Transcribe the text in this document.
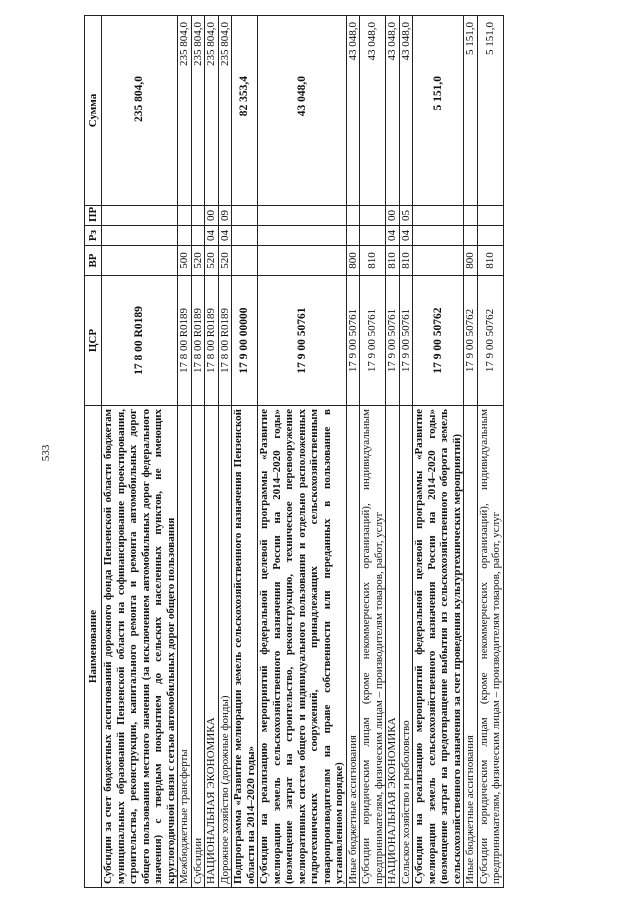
533
Наименование	ЦСР	ВР	Рз	ПР	Сумма
Субсидии за счет бюджетных ассигнований дорожного фонда Пензенской области бюджетам муниципальных образований Пензенской области на софинансирование проектирования, строительства, реконструкции, капитального ремонта и ремонта автомобильных дорог общего пользования местного значения (за исключением автомобильных дорог федерального значения) с твердым покрытием до сельских населенных пунктов, не имеющих круглогодичной связи с сетью автомобильных дорог общего пользования	17 8 00 R0189				235 804,0
Межбюджетные трансферты	17 8 00 R0189	500			235 804,0
Субсидии	17 8 00 R0189	520			235 804,0
НАЦИОНАЛЬНАЯ ЭКОНОМИКА	17 8 00 R0189	520	04	00	235 804,0
Дорожное хозяйство (дорожные фонды)	17 8 00 R0189	520	04	09	235 804,0
Подпрограмма «Развитие мелиорации земель сельскохозяйственного назначения Пензенской области на 2014–2020 годы»	17 9 00 00000				82 353,4
Субсидии на реализацию мероприятий федеральной целевой программы «Развитие мелиорации земель сельскохозяйственного назначения России на 2014–2020 годы» (возмещение затрат на строительство, реконструкцию, техническое перевооружение мелиоративных систем общего и индивидуального пользования и отдельно расположенных гидротехнических сооружений, принадлежащих сельскохозяйственным товаропроизводителям на праве собственности или переданных в пользование в установленном порядке)	17 9 00 50761				43 048,0
Иные бюджетные ассигнования	17 9 00 50761	800			43 048,0
Субсидии юридическим лицам (кроме некоммерческих организаций), индивидуальным предпринимателям, физическим лицам – производителям товаров, работ, услуг	17 9 00 50761	810			43 048,0
НАЦИОНАЛЬНАЯ ЭКОНОМИКА	17 9 00 50761	810	04	00	43 048,0
Сельское хозяйство и рыболовство	17 9 00 50761	810	04	05	43 048,0
Субсидии на реализацию мероприятий федеральной целевой программы «Развитие мелиорации земель сельскохозяйственного назначения России на 2014–2020 годы» (возмещение затрат на предотвращение выбытия из сельскохозяйственного оборота земель сельскохозяйственного назначения за счет проведения культуртехнических мероприятий)	17 9 00 50762				5 151,0
Иные бюджетные ассигнования	17 9 00 50762	800			5 151,0
Субсидии юридическим лицам (кроме некоммерческих организаций), индивидуальным предпринимателям, физическим лицам – производителям товаров, работ, услуг	17 9 00 50762	810			5 151,0
